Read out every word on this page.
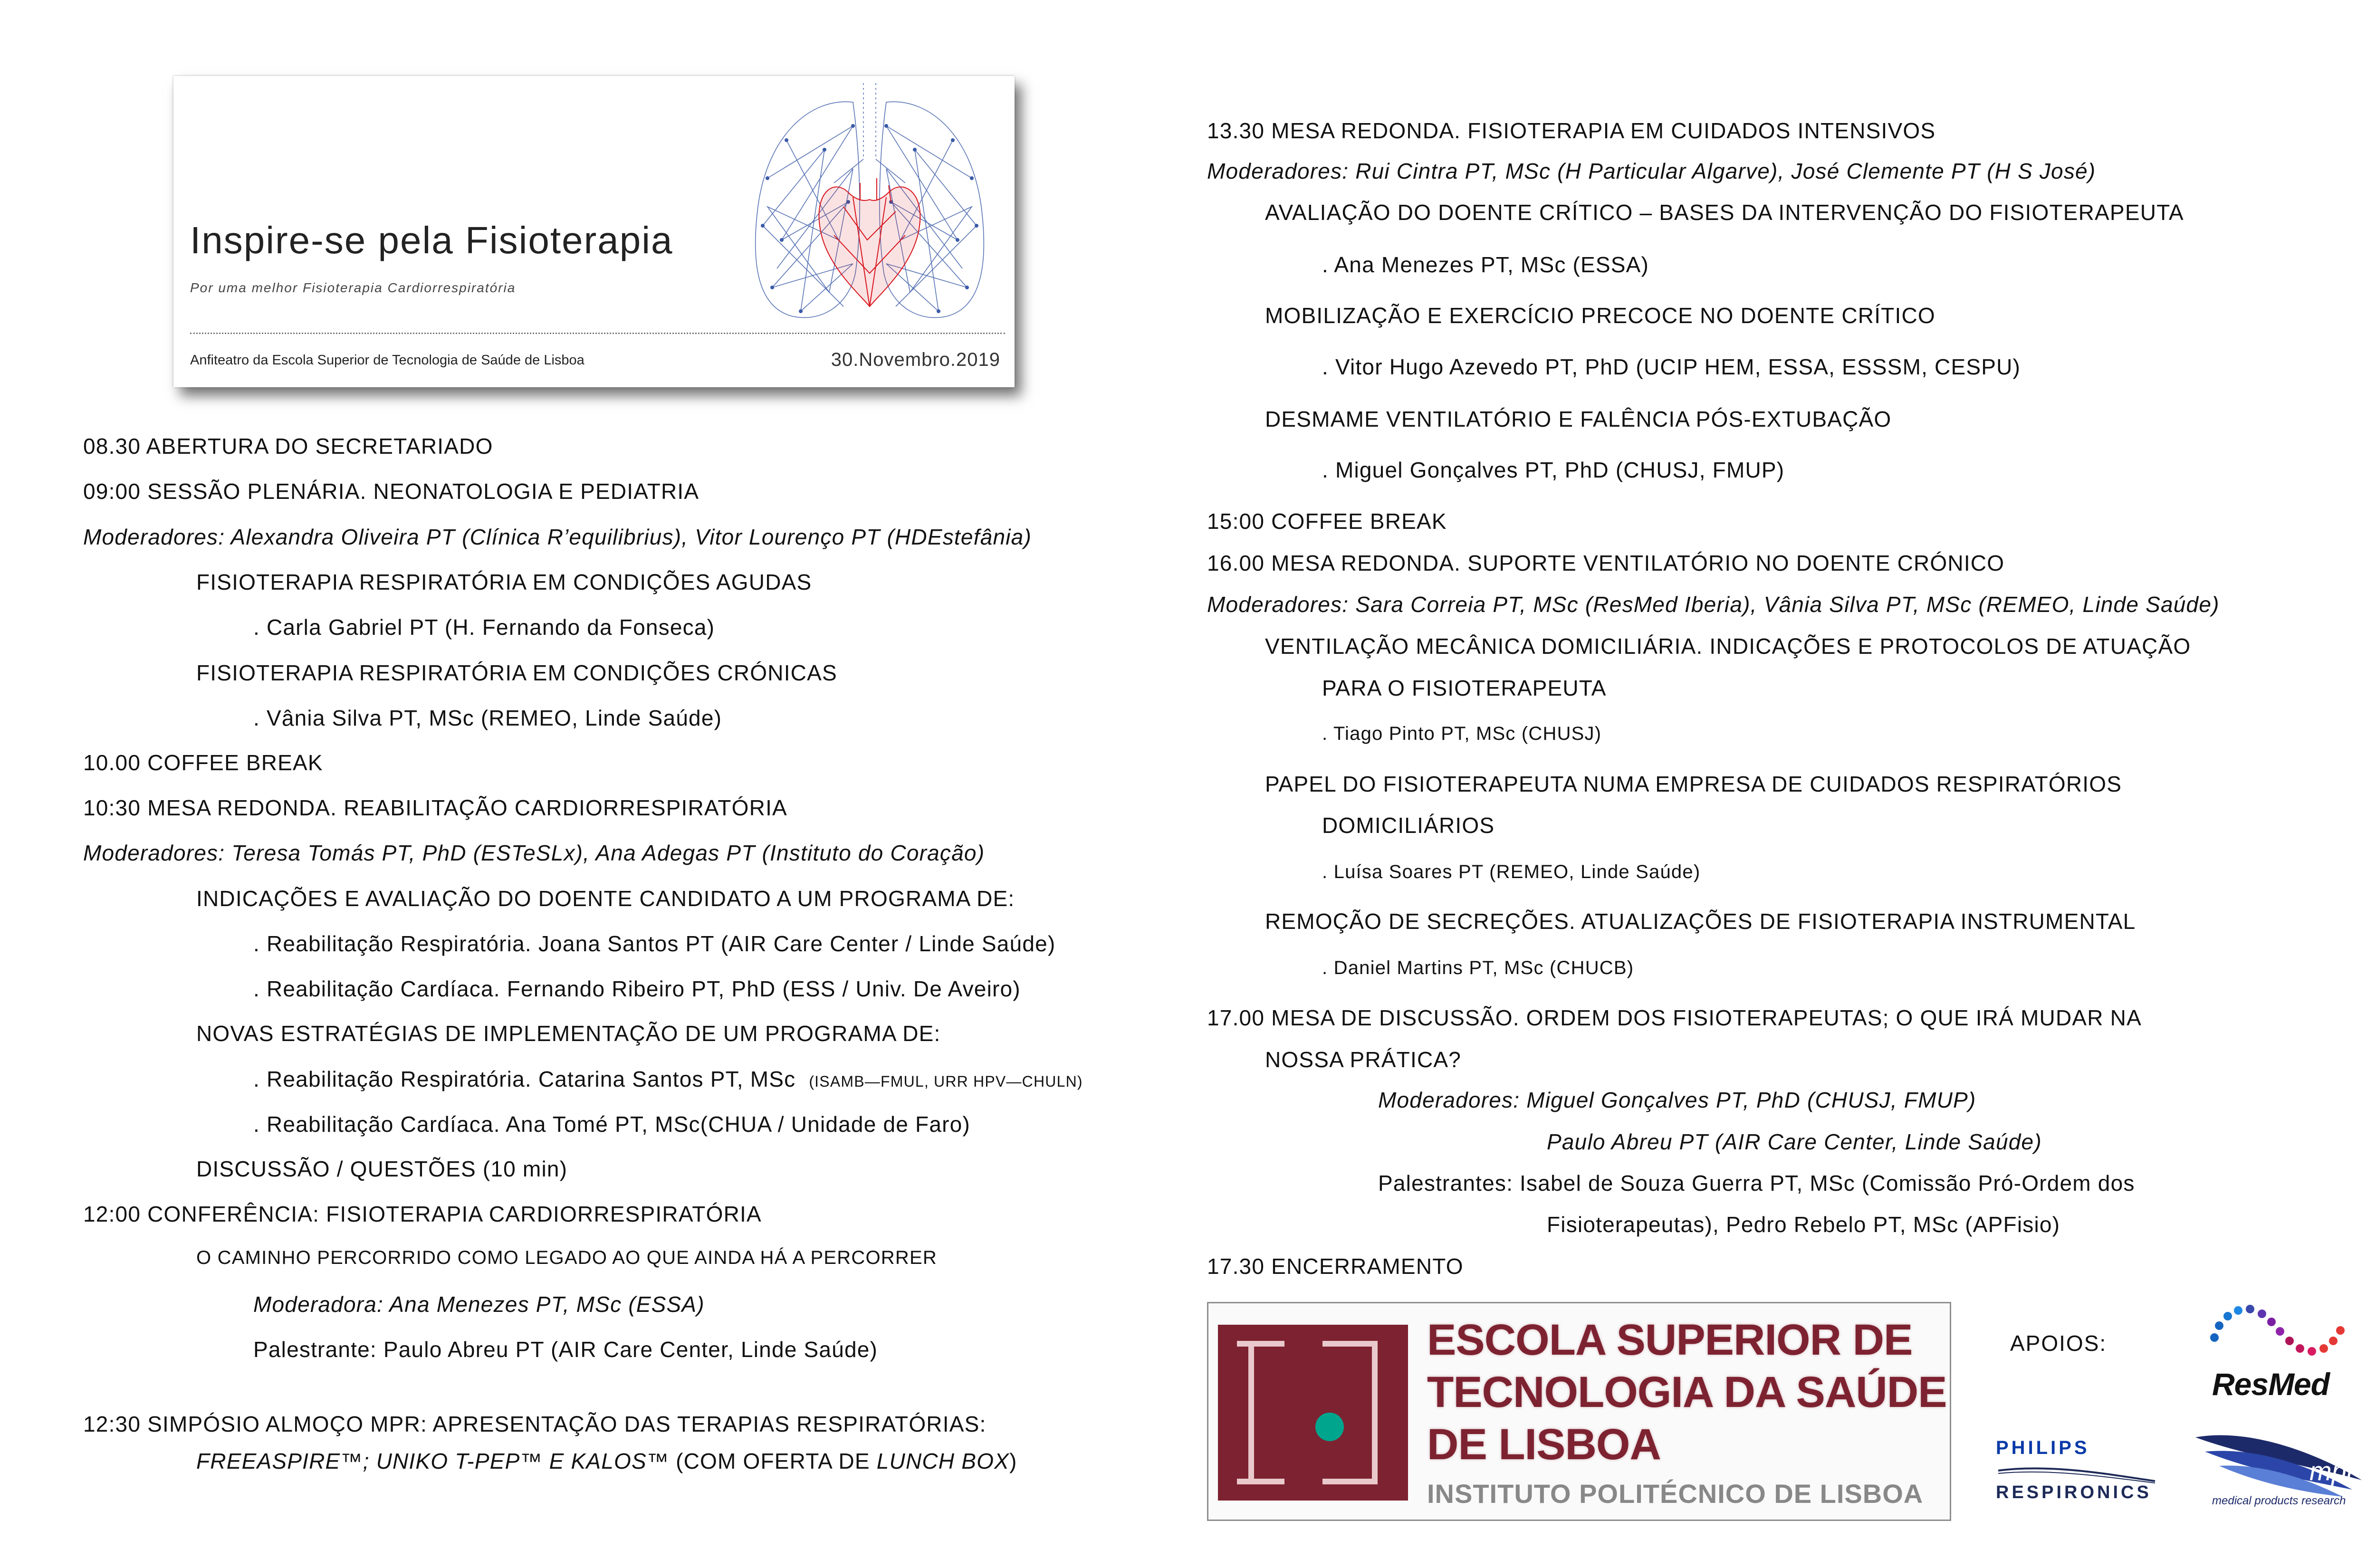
Inspire-se pela Fisioterapia
Por uma melhor Fisioterapia Cardiorrespiratória
Anfiteatro da Escola Superior de Tecnologia de Saúde de Lisboa	30.Novembro.2019
08.30 ABERTURA DO SECRETARIADO
09:00 SESSÃO PLENÁRIA. NEONATOLOGIA E PEDIATRIA
Moderadores: Alexandra Oliveira PT (Clínica R’equilibrius), Vitor Lourenço PT (HDEstefânia)
FISIOTERAPIA RESPIRATÓRIA EM CONDIÇÕES AGUDAS
. Carla Gabriel PT (H. Fernando da Fonseca)
FISIOTERAPIA RESPIRATÓRIA EM CONDIÇÕES CRÓNICAS
. Vânia Silva PT, MSc (REMEO, Linde Saúde)
10.00 COFFEE BREAK
10:30 MESA REDONDA. REABILITAÇÃO CARDIORRESPIRATÓRIA
Moderadores: Teresa Tomás PT, PhD (ESTeSLx), Ana Adegas PT (Instituto do Coração)
INDICAÇÕES E AVALIAÇÃO DO DOENTE CANDIDATO A UM PROGRAMA DE:
. Reabilitação Respiratória. Joana Santos PT (AIR Care Center / Linde Saúde)
. Reabilitação Cardíaca. Fernando Ribeiro PT, PhD (ESS / Univ. De Aveiro)
NOVAS ESTRATÉGIAS DE IMPLEMENTAÇÃO DE UM PROGRAMA DE:
. Reabilitação Respiratória. Catarina Santos PT, MSc (ISAMB—FMUL, URR HPV—CHULN)
. Reabilitação Cardíaca. Ana Tomé PT, MSc(CHUA / Unidade de Faro)
DISCUSSÃO / QUESTÕES (10 min)
12:00 CONFERÊNCIA: FISIOTERAPIA CARDIORRESPIRATÓRIA
O CAMINHO PERCORRIDO COMO LEGADO AO QUE AINDA HÁ A PERCORRER
Moderadora: Ana Menezes PT, MSc (ESSA)
Palestrante: Paulo Abreu PT (AIR Care Center, Linde Saúde)
12:30 SIMPÓSIO ALMOÇO MPR: APRESENTAÇÃO DAS TERAPIAS RESPIRATÓRIAS:
FREEASPIRE™; UNIKO T-PEP™ E KALOS™ (COM OFERTA DE LUNCH BOX)
13.30 MESA REDONDA. FISIOTERAPIA EM CUIDADOS INTENSIVOS
Moderadores: Rui Cintra PT, MSc (H Particular Algarve), José Clemente PT (H S José)
AVALIAÇÃO DO DOENTE CRÍTICO – BASES DA INTERVENÇÃO DO FISIOTERAPEUTA
. Ana Menezes PT, MSc (ESSA)
MOBILIZAÇÃO E EXERCÍCIO PRECOCE NO DOENTE CRÍTICO
. Vitor Hugo Azevedo PT, PhD (UCIP HEM, ESSA, ESSSM, CESPU)
DESMAME VENTILATÓRIO E FALÊNCIA PÓS-EXTUBAÇÃO
. Miguel Gonçalves PT, PhD (CHUSJ, FMUP)
15:00 COFFEE BREAK
16.00 MESA REDONDA. SUPORTE VENTILATÓRIO NO DOENTE CRÓNICO
Moderadores: Sara Correia PT, MSc (ResMed Iberia), Vânia Silva PT, MSc (REMEO, Linde Saúde)
VENTILAÇÃO MECÂNICA DOMICILIÁRIA. INDICAÇÕES E PROTOCOLOS DE ATUAÇÃO
PARA O FISIOTERAPEUTA
. Tiago Pinto PT, MSc (CHUSJ)
PAPEL DO FISIOTERAPEUTA NUMA EMPRESA DE CUIDADOS RESPIRATÓRIOS
DOMICILIÁRIOS
. Luísa Soares PT (REMEO, Linde Saúde)
REMOÇÃO DE SECREÇÕES. ATUALIZAÇÕES DE FISIOTERAPIA INSTRUMENTAL
. Daniel Martins PT, MSc (CHUCB)
17.00 MESA DE DISCUSSÃO. ORDEM DOS FISIOTERAPEUTAS; O QUE IRÁ MUDAR NA
NOSSA PRÁTICA?
Moderadores: Miguel Gonçalves PT, PhD (CHUSJ, FMUP)
Paulo Abreu PT (AIR Care Center, Linde Saúde)
Palestrantes: Isabel de Souza Guerra PT, MSc (Comissão Pró-Ordem dos
Fisioterapeutas), Pedro Rebelo PT, MSc (APFisio)
17.30 ENCERRAMENTO
ESCOLA SUPERIOR DE
TECNOLOGIA DA SAÚDE
DE LISBOA
INSTITUTO POLITÉCNICO DE LISBOA
APOIOS:
ResMed
PHILIPS
RESPIRONICS
mpr
medical products research
